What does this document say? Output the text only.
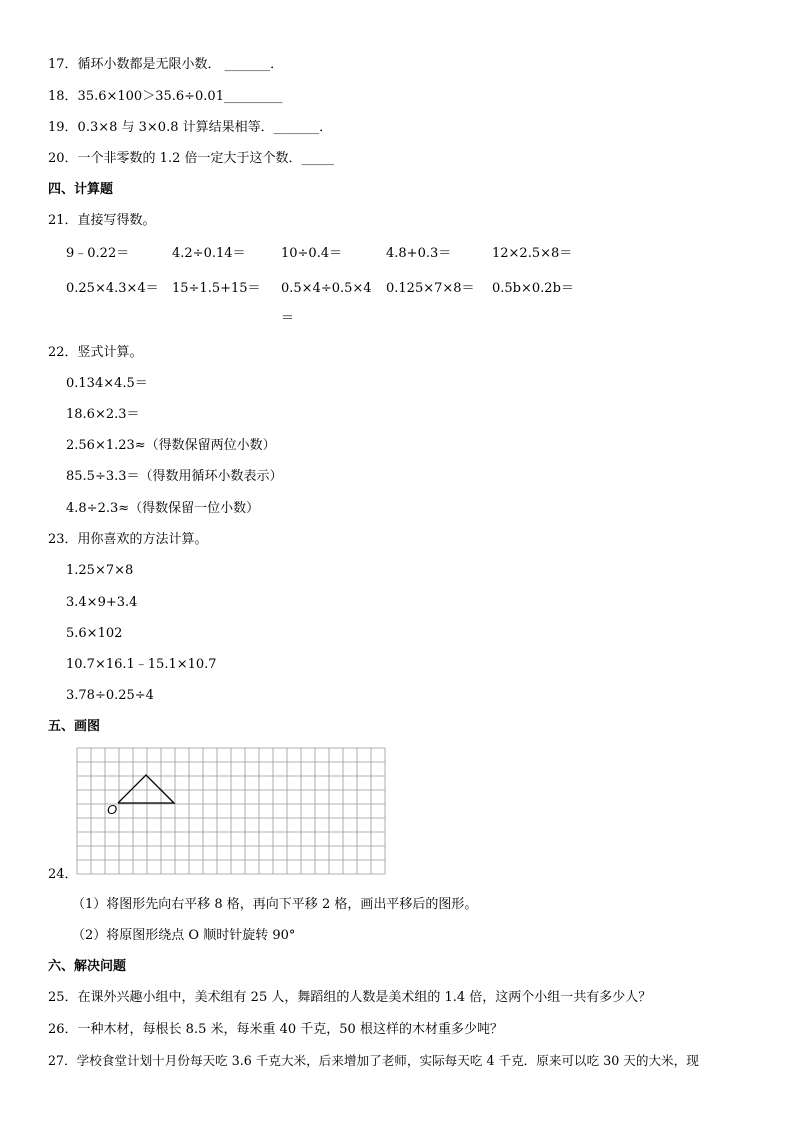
17．循环小数都是无限小数． _______．
18．35.6×100＞35.6÷0.01_________
19．0.3×8 与 3×0.8 计算结果相等．_______．
20．一个非零数的 1.2 倍一定大于这个数．_____
四、计算题
21．直接写得数。
9﹣0.22＝	4.2÷0.14＝	10÷0.4＝	4.8+0.3＝	12×2.5×8＝
0.25×4.3×4＝ 15÷1.5+15＝ 0.5×4÷0.5×4 0.125×7×8＝ 0.5b×0.2b＝
＝
22．竖式计算。
0.134×4.5＝
18.6×2.3＝
2.56×1.23≈（得数保留两位小数）
85.5÷3.3＝（得数用循环小数表示）
4.8÷2.3≈（得数保留一位小数）
23．用你喜欢的方法计算。
1.25×7×8
3.4×9+3.4
5.6×102
10.7×16.1﹣15.1×10.7
3.78÷0.25÷4
五、画图
O
24．
（1）将图形先向右平移 8 格，再向下平移 2 格，画出平移后的图形。
（2）将原图形绕点 O 顺时针旋转 90°
六、解决问题
25．在课外兴趣小组中，美术组有 25 人，舞蹈组的人数是美术组的 1.4 倍，这两个小组一共有多少人？
26．一种木材，每根长 8.5 米，每米重 40 千克，50 根这样的木材重多少吨？
27．学校食堂计划十月份每天吃 3.6 千克大米，后来增加了老师，实际每天吃 4 千克．原来可以吃 30 天的大米，现
